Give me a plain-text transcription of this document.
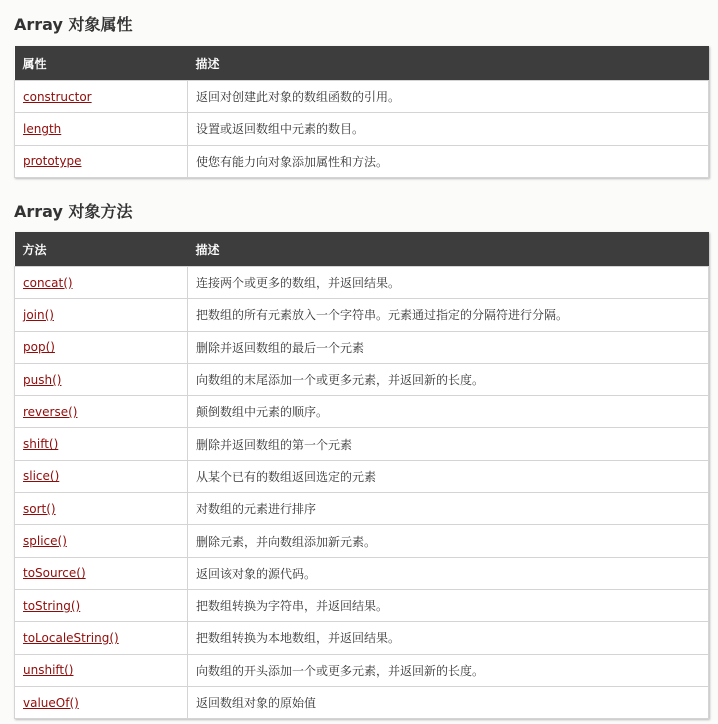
Array 对象属性
属性	描述
constructor	返回对创建此对象的数组函数的引用。
length	设置或返回数组中元素的数目。
prototype	使您有能力向对象添加属性和方法。
Array 对象方法
方法	描述
concat()	连接两个或更多的数组，并返回结果。
join()	把数组的所有元素放入一个字符串。元素通过指定的分隔符进行分隔。
pop()	删除并返回数组的最后一个元素
push()	向数组的末尾添加一个或更多元素，并返回新的长度。
reverse()	颠倒数组中元素的顺序。
shift()	删除并返回数组的第一个元素
slice()	从某个已有的数组返回选定的元素
sort()	对数组的元素进行排序
splice()	删除元素，并向数组添加新元素。
toSource()	返回该对象的源代码。
toString()	把数组转换为字符串，并返回结果。
toLocaleString()	把数组转换为本地数组，并返回结果。
unshift()	向数组的开头添加一个或更多元素，并返回新的长度。
valueOf()	返回数组对象的原始值
